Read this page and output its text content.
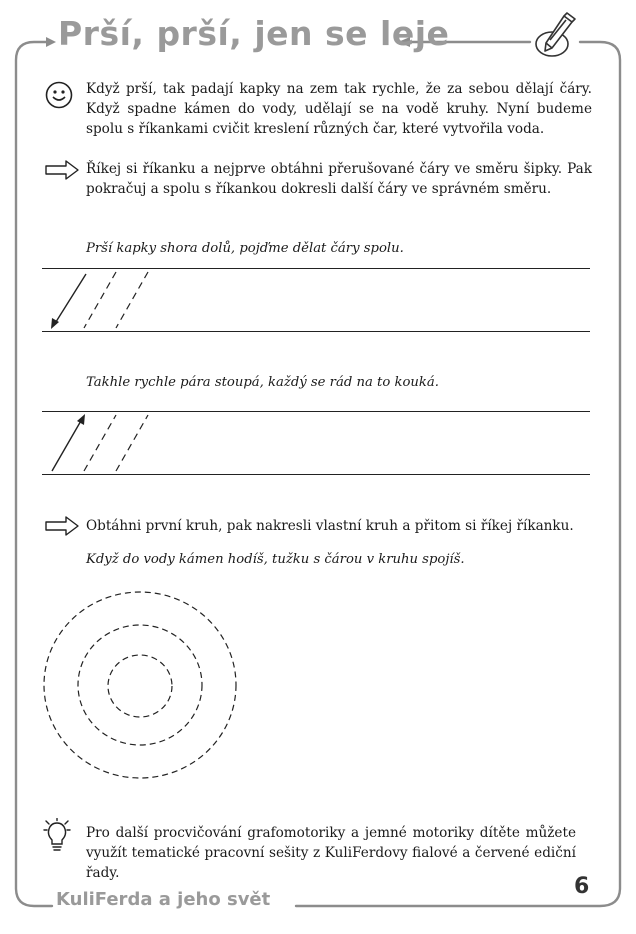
Prší, prší, jen se leje
Když prší, tak padají kapky na zem tak rychle, že za sebou dělají čáry. Když spadne kámen do vody, udělají se na vodě kruhy. Nyní budeme spolu s říkankami cvičit kreslení různých čar, které vytvořila voda.
Říkej si říkanku a nejprve obtáhni přerušované čáry ve směru šipky. Pak pokračuj a spolu s říkankou dokresli další čáry ve správném směru.
Prší kapky shora dolů, pojďme dělat čáry spolu.
Takhle rychle pára stoupá, každý se rád na to kouká.
Obtáhni první kruh, pak nakresli vlastní kruh a přitom si říkej říkanku.
Když do vody kámen hodíš, tužku s čárou v kruhu spojíš.
Pro další procvičování grafomotoriky a jemné motoriky dítěte můžete využít tematické pracovní sešity z KuliFerdovy fialové a červené ediční řady.
KuliFerda a jeho svět
6
